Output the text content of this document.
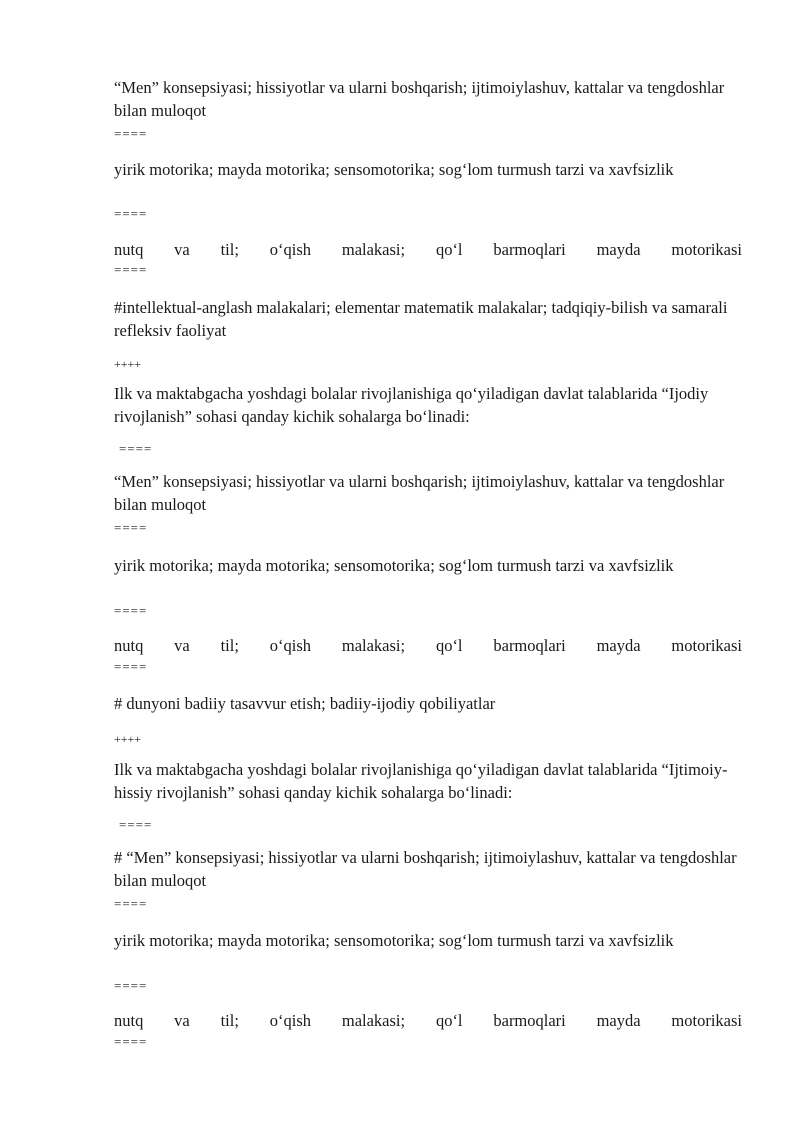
“Men” konsepsiyasi; hissiyotlar va ularni boshqarish; ijtimoiylashuv, kattalar va tengdoshlar bilan muloqot
====
yirik motorika; mayda motorika; sensomotorika; sog‘lom turmush tarzi va xavfsizlik
====
nutq va til; o‘qish malakasi; qo‘l barmoqlari mayda motorikasi
====
#intellektual-anglash malakalari; elementar matematik malakalar; tadqiqiy-bilish va samarali refleksiv faoliyat
++++
Ilk va maktabgacha yoshdagi bolalar rivojlanishiga qo‘yiladigan davlat talablarida “Ijodiy rivojlanish” sohasi qanday kichik sohalarga bo‘linadi:
====
“Men” konsepsiyasi; hissiyotlar va ularni boshqarish; ijtimoiylashuv, kattalar va tengdoshlar bilan muloqot
====
yirik motorika; mayda motorika; sensomotorika; sog‘lom turmush tarzi va xavfsizlik
====
nutq va til; o‘qish malakasi; qo‘l barmoqlari mayda motorikasi
====
# dunyoni badiiy tasavvur etish; badiiy-ijodiy qobiliyatlar
++++
Ilk va maktabgacha yoshdagi bolalar rivojlanishiga qo‘yiladigan davlat talablarida “Ijtimoiy-hissiy rivojlanish” sohasi qanday kichik sohalarga bo‘linadi:
====
# “Men” konsepsiyasi; hissiyotlar va ularni boshqarish; ijtimoiylashuv, kattalar va tengdoshlar bilan muloqot
====
yirik motorika; mayda motorika; sensomotorika; sog‘lom turmush tarzi va xavfsizlik
====
nutq va til; o‘qish malakasi; qo‘l barmoqlari mayda motorikasi
====
